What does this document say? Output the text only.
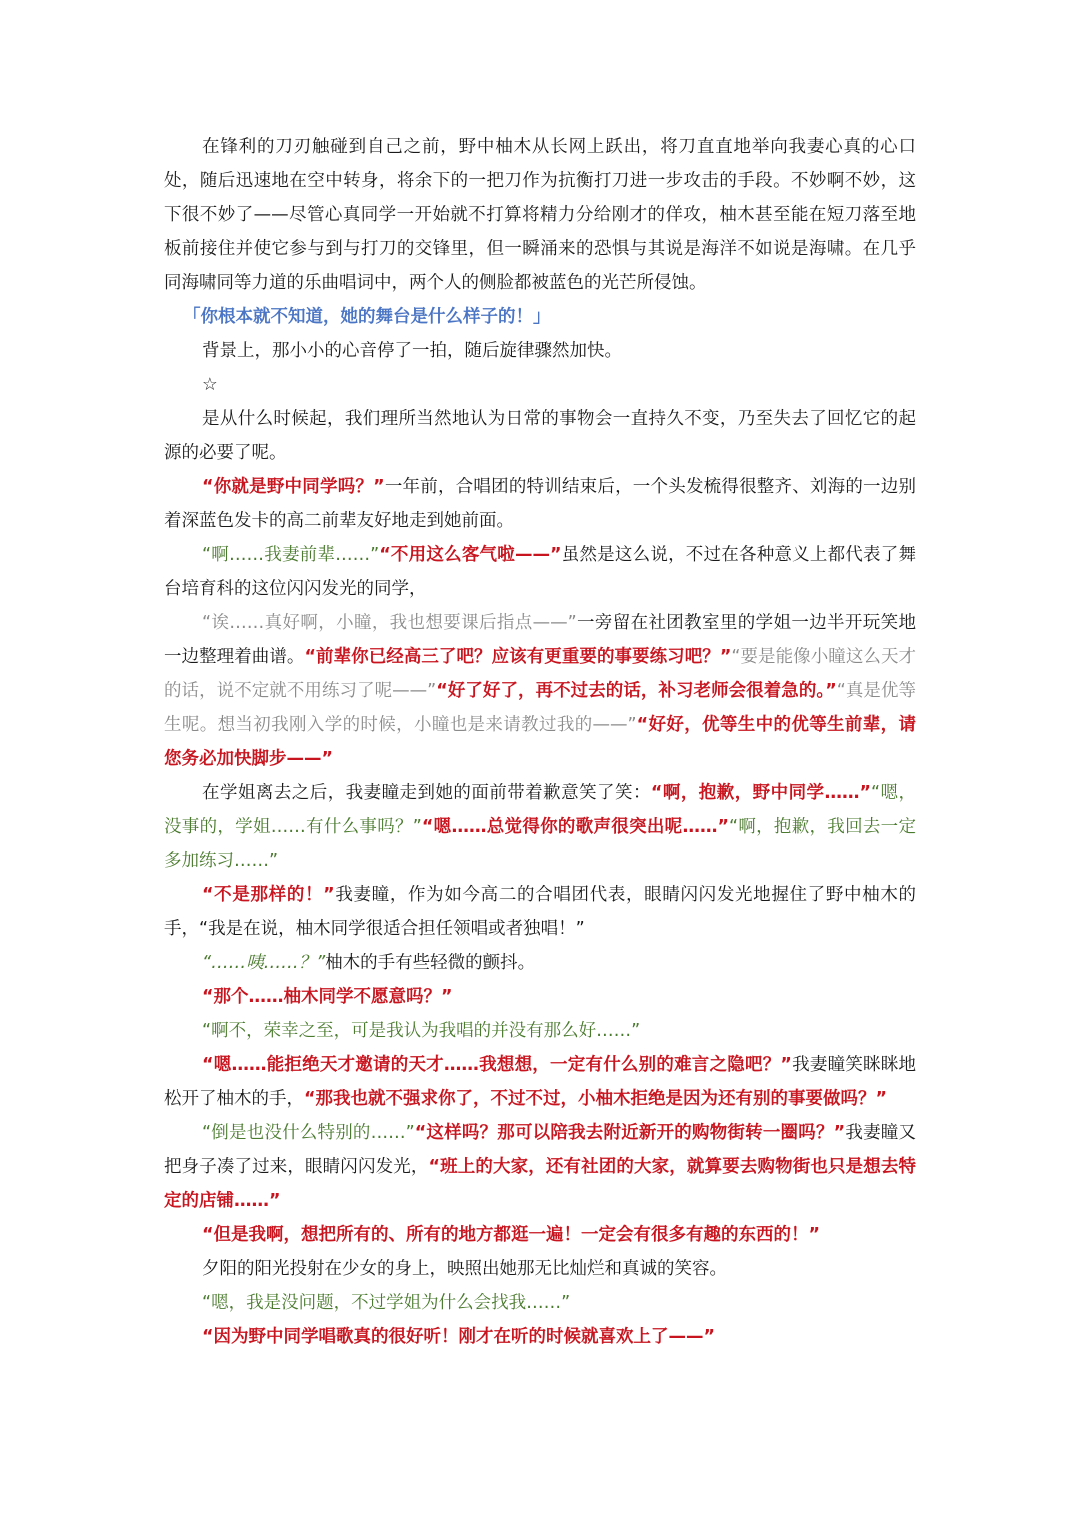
在锋利的刀刃触碰到自己之前，野中柚木从长网上跃出，将刀直直地举向我妻心真的心口处，随后迅速地在空中转身，将余下的一把刀作为抗衡打刀进一步攻击的手段。不妙啊不妙，这下很不妙了——尽管心真同学一开始就不打算将精力分给刚才的佯攻，柚木甚至能在短刀落至地板前接住并使它参与到与打刀的交锋里，但一瞬涌来的恐惧与其说是海洋不如说是海啸。在几乎同海啸同等力道的乐曲唱词中，两个人的侧脸都被蓝色的光芒所侵蚀。

「你根本就不知道，她的舞台是什么样子的！」

背景上，那小小的心音停了一拍，随后旋律骤然加快。

☆

是从什么时候起，我们理所当然地认为日常的事物会一直持久不变，乃至失去了回忆它的起源的必要了呢。

“你就是野中同学吗？”一年前，合唱团的特训结束后，一个头发梳得很整齐、刘海的一边别着深蓝色发卡的高二前辈友好地走到她前面。

“啊……我妻前辈……”“不用这么客气啦——”虽然是这么说，不过在各种意义上都代表了舞台培育科的这位闪闪发光的同学，

“诶……真好啊，小瞳，我也想要课后指点——”一旁留在社团教室里的学姐一边半开玩笑地一边整理着曲谱。“前辈你已经高三了吧？应该有更重要的事要练习吧？”“要是能像小瞳这么天才的话，说不定就不用练习了呢——”“好了好了，再不过去的话，补习老师会很着急的。”“真是优等生呢。想当初我刚入学的时候，小瞳也是来请教过我的——”“好好，优等生中的优等生前辈，请您务必加快脚步——”

在学姐离去之后，我妻瞳走到她的面前带着歉意笑了笑：“啊，抱歉，野中同学……”“嗯，没事的，学姐……有什么事吗？”“嗯……总觉得你的歌声很突出呢……”“啊，抱歉，我回去一定多加练习……”

“不是那样的！”我妻瞳，作为如今高二的合唱团代表，眼睛闪闪发光地握住了野中柚木的手，“我是在说，柚木同学很适合担任领唱或者独唱！”

“……咦……？”柚木的手有些轻微的颤抖。

“那个……柚木同学不愿意吗？”

“啊不，荣幸之至，可是我认为我唱的并没有那么好……”

“嗯……能拒绝天才邀请的天才……我想想，一定有什么别的难言之隐吧？”我妻瞳笑眯眯地松开了柚木的手，“那我也就不强求你了，不过不过，小柚木拒绝是因为还有别的事要做吗？”

“倒是也没什么特别的……”“这样吗？那可以陪我去附近新开的购物街转一圈吗？”我妻瞳又把身子凑了过来，眼睛闪闪发光，“班上的大家，还有社团的大家，就算要去购物街也只是想去特定的店铺……”

“但是我啊，想把所有的、所有的地方都逛一遍！一定会有很多有趣的东西的！”

夕阳的阳光投射在少女的身上，映照出她那无比灿烂和真诚的笑容。

“嗯，我是没问题，不过学姐为什么会找我……”

“因为野中同学唱歌真的很好听！刚才在听的时候就喜欢上了——”
